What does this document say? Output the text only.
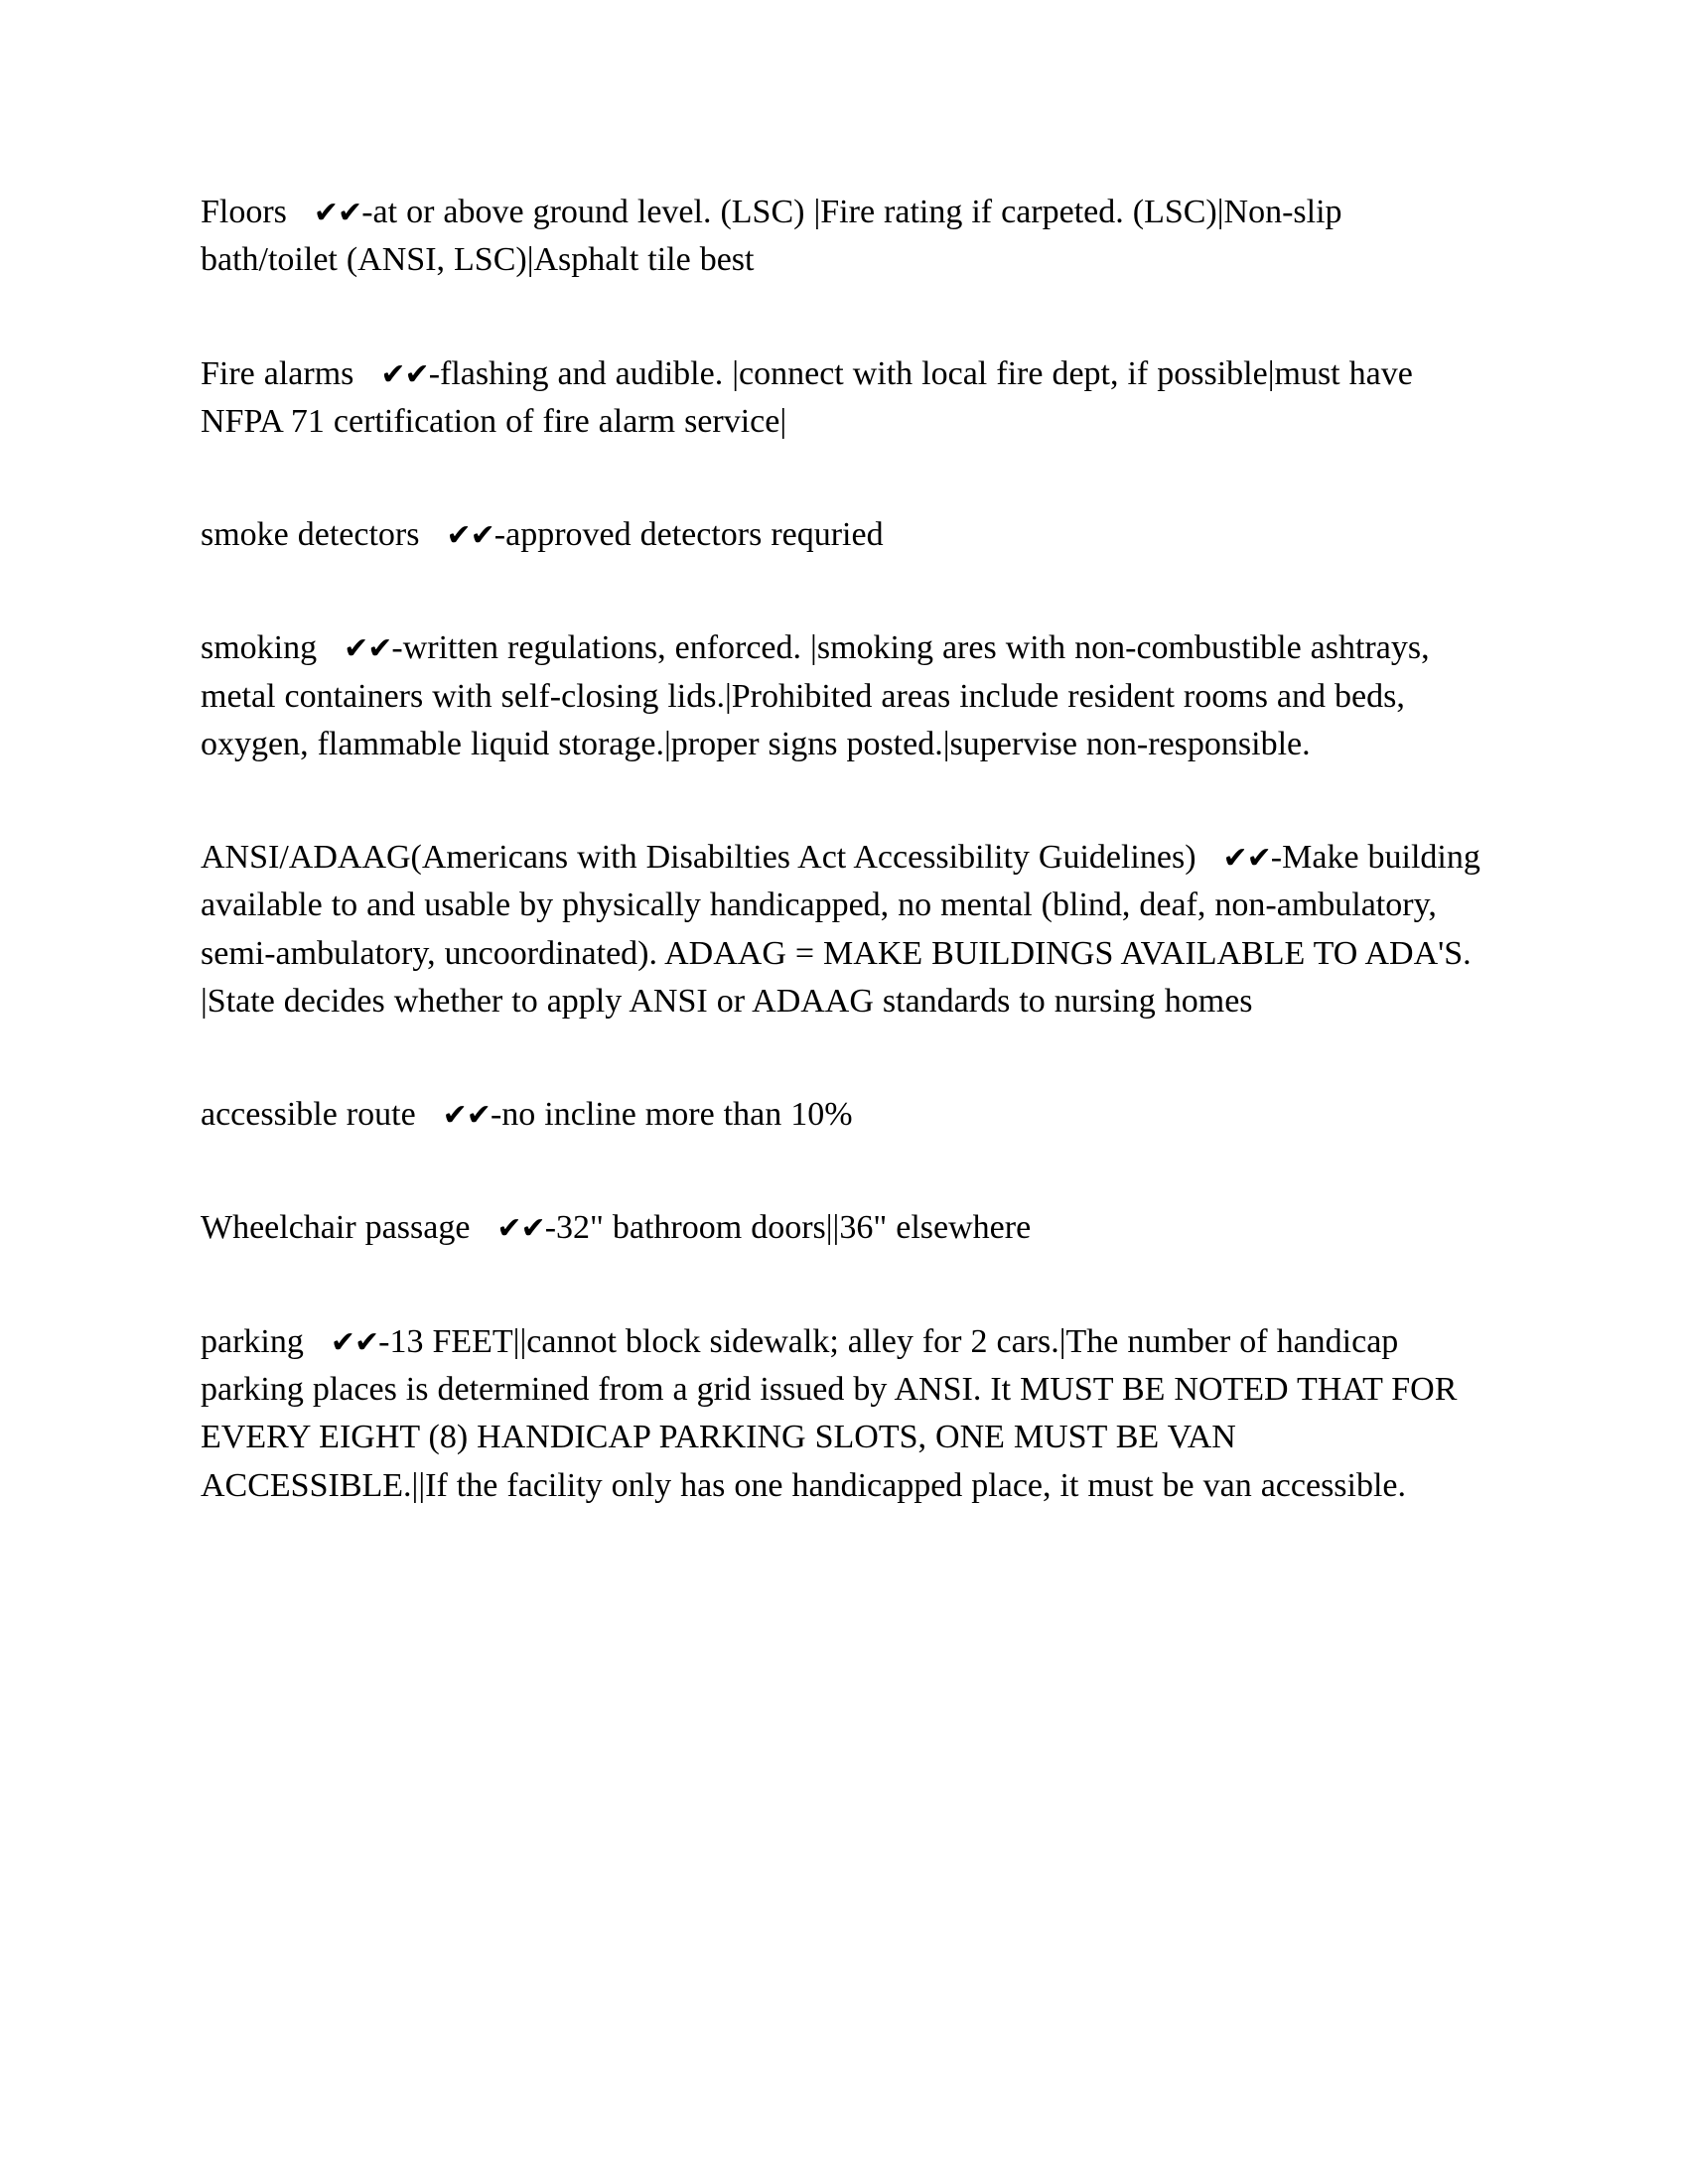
Floors   ✔✔-at or above ground level. (LSC) |Fire rating if carpeted. (LSC)|Non-slip bath/toilet (ANSI, LSC)|Asphalt tile best

Fire alarms   ✔✔-flashing and audible. |connect with local fire dept, if possible|must have NFPA 71 certification of fire alarm service|

smoke detectors   ✔✔-approved detectors requried

smoking   ✔✔-written regulations, enforced. |smoking ares with non-combustible ashtrays, metal containers with self-closing lids.|Prohibited areas include resident rooms and beds, oxygen, flammable liquid storage.|proper signs posted.|supervise non-responsible.

ANSI/ADAAG(Americans with Disabilties Act Accessibility Guidelines)   ✔✔-Make building available to and usable by physically handicapped, no mental (blind, deaf, non-ambulatory, semi-ambulatory, uncoordinated). ADAAG = MAKE BUILDINGS AVAILABLE TO ADA'S. |State decides whether to apply ANSI or ADAAG standards to nursing homes

accessible route   ✔✔-no incline more than 10%

Wheelchair passage   ✔✔-32" bathroom doors||36" elsewhere

parking   ✔✔-13 FEET||cannot block sidewalk; alley for 2 cars.|The number of handicap parking places is determined from a grid issued by ANSI. It MUST BE NOTED THAT FOR EVERY EIGHT (8) HANDICAP PARKING SLOTS, ONE MUST BE VAN ACCESSIBLE.||If the facility only has one handicapped place, it must be van accessible.
